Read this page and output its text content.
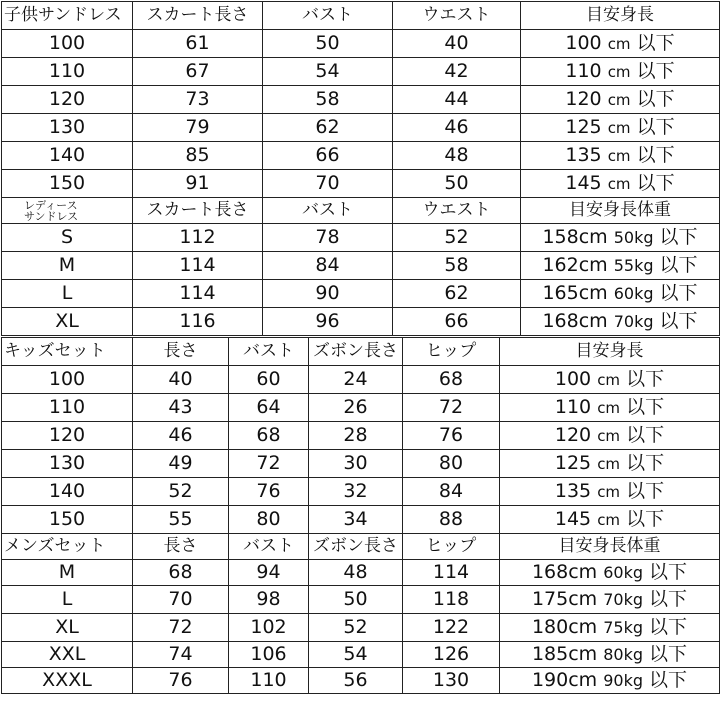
子供サンドレス	スカート長さ	バスト	ウエスト	目安身長
100	61	50	40	100 cm 以下
110	67	54	42	110 cm 以下
120	73	58	44	120 cm 以下
130	79	62	46	125 cm 以下
140	85	66	48	135 cm 以下
150	91	70	50	145 cm 以下
レディース
サンドレス	スカート長さ	バスト	ウエスト	目安身長体重
S	112	78	52	158cm 50kg 以下
M	114	84	58	162cm 55kg 以下
L	114	90	62	165cm 60kg 以下
XL	116	96	66	168cm 70kg 以下
キッズセット	長さ	バスト	ズボン長さ	ヒップ	目安身長
100	40	60	24	68	100 cm 以下
110	43	64	26	72	110 cm 以下
120	46	68	28	76	120 cm 以下
130	49	72	30	80	125 cm 以下
140	52	76	32	84	135 cm 以下
150	55	80	34	88	145 cm 以下
メンズセット	長さ	バスト	ズボン長さ	ヒップ	目安身長体重
M	68	94	48	114	168cm 60kg 以下
L	70	98	50	118	175cm 70kg 以下
XL	72	102	52	122	180cm 75kg 以下
XXL	74	106	54	126	185cm 80kg 以下
XXXL	76	110	56	130	190cm 90kg 以下
